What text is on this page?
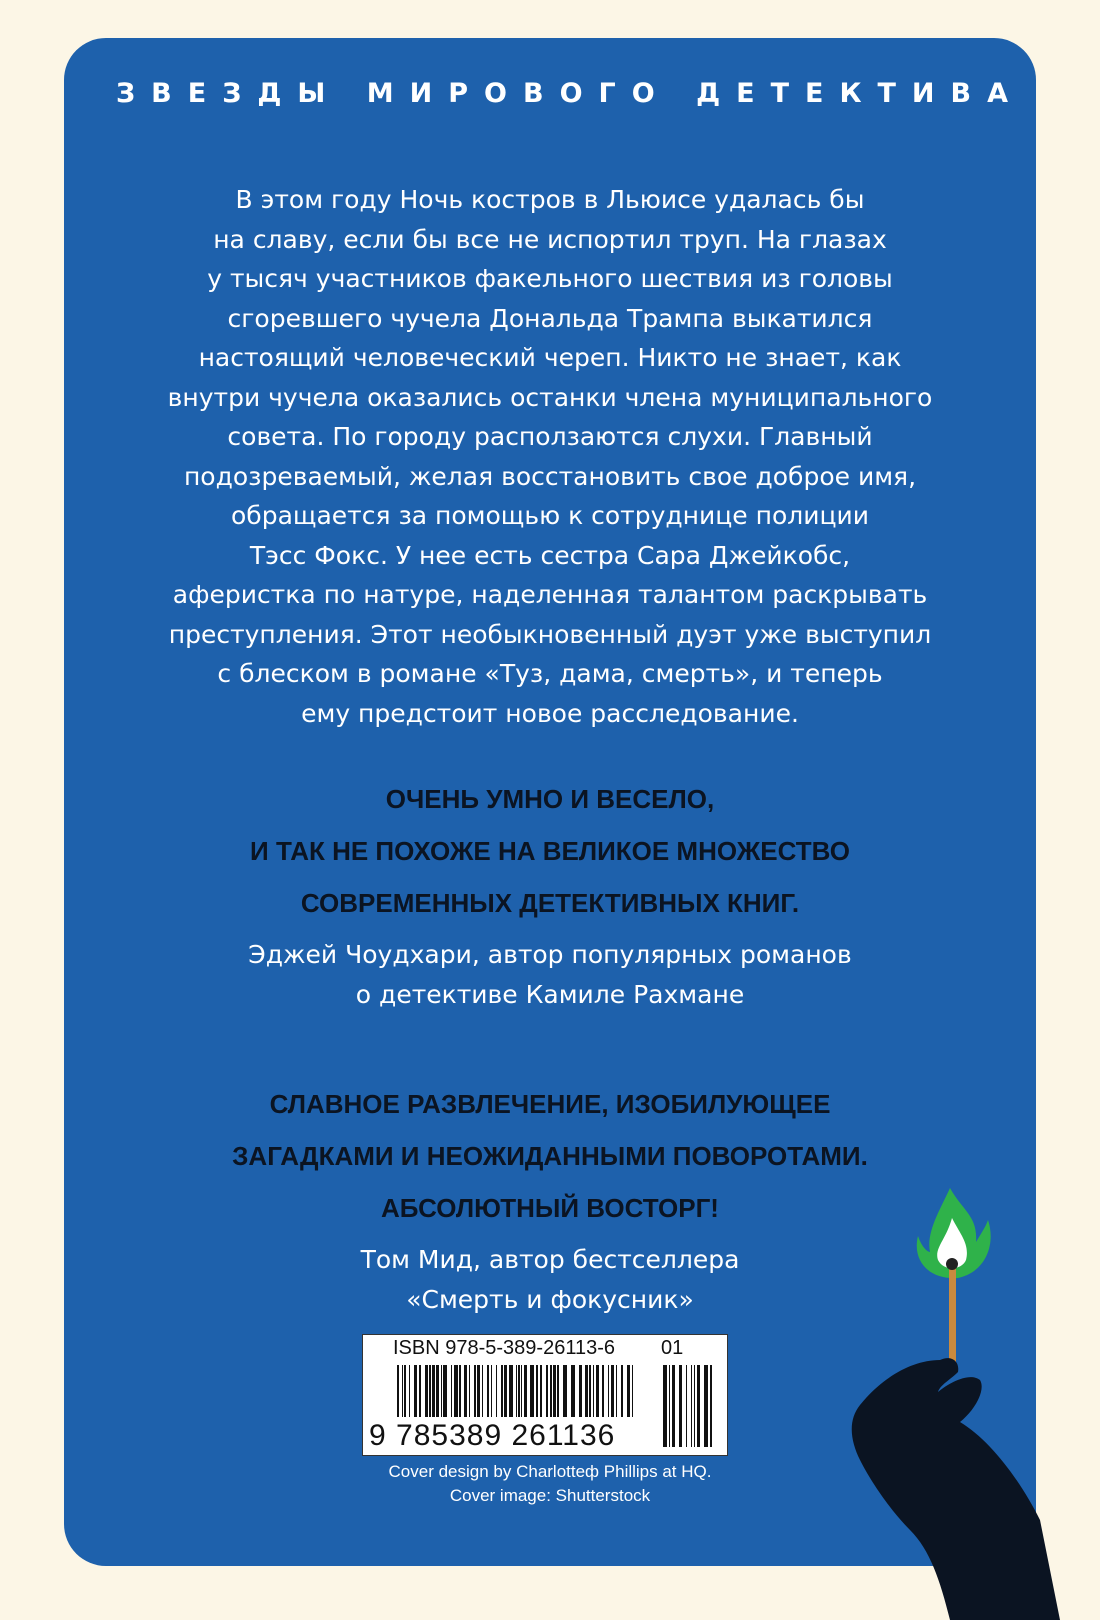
ЗВЕЗДЫ МИРОВОГО ДЕТЕКТИВА
В этом году Ночь костров в Льюисе удалась бы
на славу, если бы все не испортил труп. На глазах
у тысяч участников факельного шествия из головы
сгоревшего чучела Дональда Трампа выкатился
настоящий человеческий череп. Никто не знает, как
внутри чучела оказались останки члена муниципального
совета. По городу расползаются слухи. Главный
подозреваемый, желая восстановить свое доброе имя,
обращается за помощью к сотруднице полиции
Тэсс Фокс. У нее есть сестра Сара Джейкобс,
аферистка по натуре, наделенная талантом раскрывать
преступления. Этот необыкновенный дуэт уже выступил
с блеском в романе «Туз, дама, смерть», и теперь
ему предстоит новое расследование.
ОЧЕНЬ УМНО И ВЕСЕЛО,
И ТАК НЕ ПОХОЖЕ НА ВЕЛИКОЕ МНОЖЕСТВО
СОВРЕМЕННЫХ ДЕТЕКТИВНЫХ КНИГ.
Эджей Чоудхари, автор популярных романов
о детективе Камиле Рахмане
СЛАВНОЕ РАЗВЛЕЧЕНИЕ, ИЗОБИЛУЮЩЕЕ
ЗАГАДКАМИ И НЕОЖИДАННЫМИ ПОВОРОТАМИ.
АБСОЛЮТНЫЙ ВОСТОРГ!
Том Мид, автор бестселлера
«Смерть и фокусник»
ISBN 978-5-389-26113-6 01
9 785389 261136
Cover design by Charlotteф Phillips at HQ.
Cover image: Shutterstock
